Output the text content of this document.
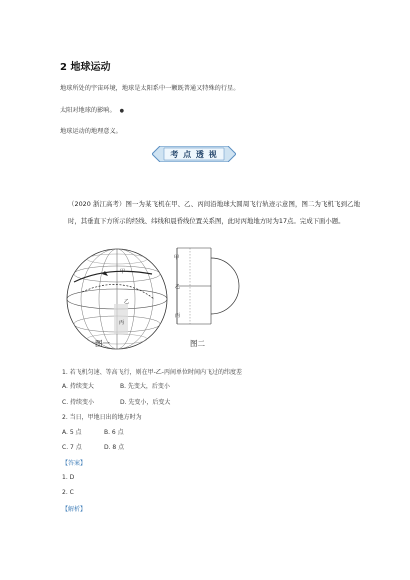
2 地球运动
地球所处的宇宙环境，地球是太阳系中一颗既普通又特殊的行星。
太阳对地球的影响。 ●
地球运动的地理意义。
考 点 透 视
（2020 浙江高考）图一为某飞机在甲、乙、丙间沿地球大圆周飞行轨迹示意图，图二为飞机飞到乙地时，其垂直下方所示的经线、纬线和晨昏线位置关系图，此时丙地地方时为17点。完成下面小题。
甲
乙
丙
甲
乙
丙
图一	图二
1. 若飞机匀速、等高飞行，则在甲-乙-丙间单位时间内飞过的纬度差
A. 持续变大	B. 先变大，后变小
C. 持续变小	D. 先变小，后变大
2. 当日，甲地日出的地方时为
A. 5 点	B. 6 点
C. 7 点	D. 8 点
【答案】
1. D
2. C
【解析】
